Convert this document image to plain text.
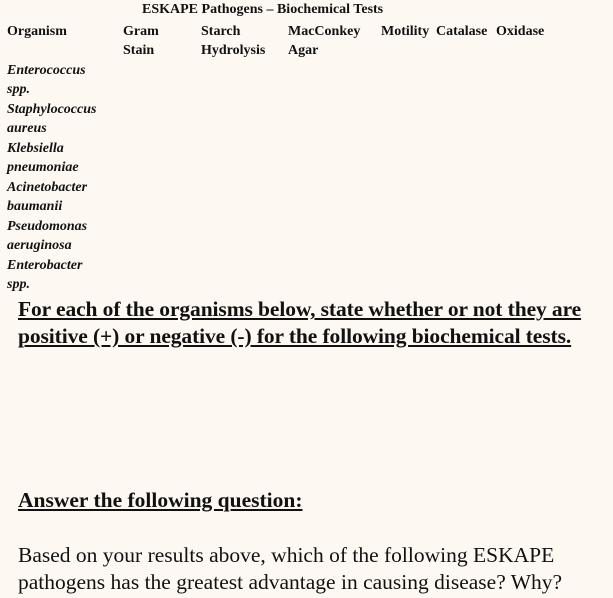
ESKAPE Pathogens – Biochemical Tests
Organism	Gram
Stain
Starch
Hydrolysis
MacConkey
Agar
Motility Catalase Oxidase
Enterococcus
spp.
Staphylococcus
aureus
Klebsiella
pneumoniae
Acinetobacter
baumanii
Pseudomonas
aeruginosa
Enterobacter
spp.
For each of the organisms below, state whether or not they are positive (+) or negative (-) for the following biochemical tests.
Answer the following question:
Based on your results above, which of the following ESKAPE pathogens has the greatest advantage in causing disease? Why?
